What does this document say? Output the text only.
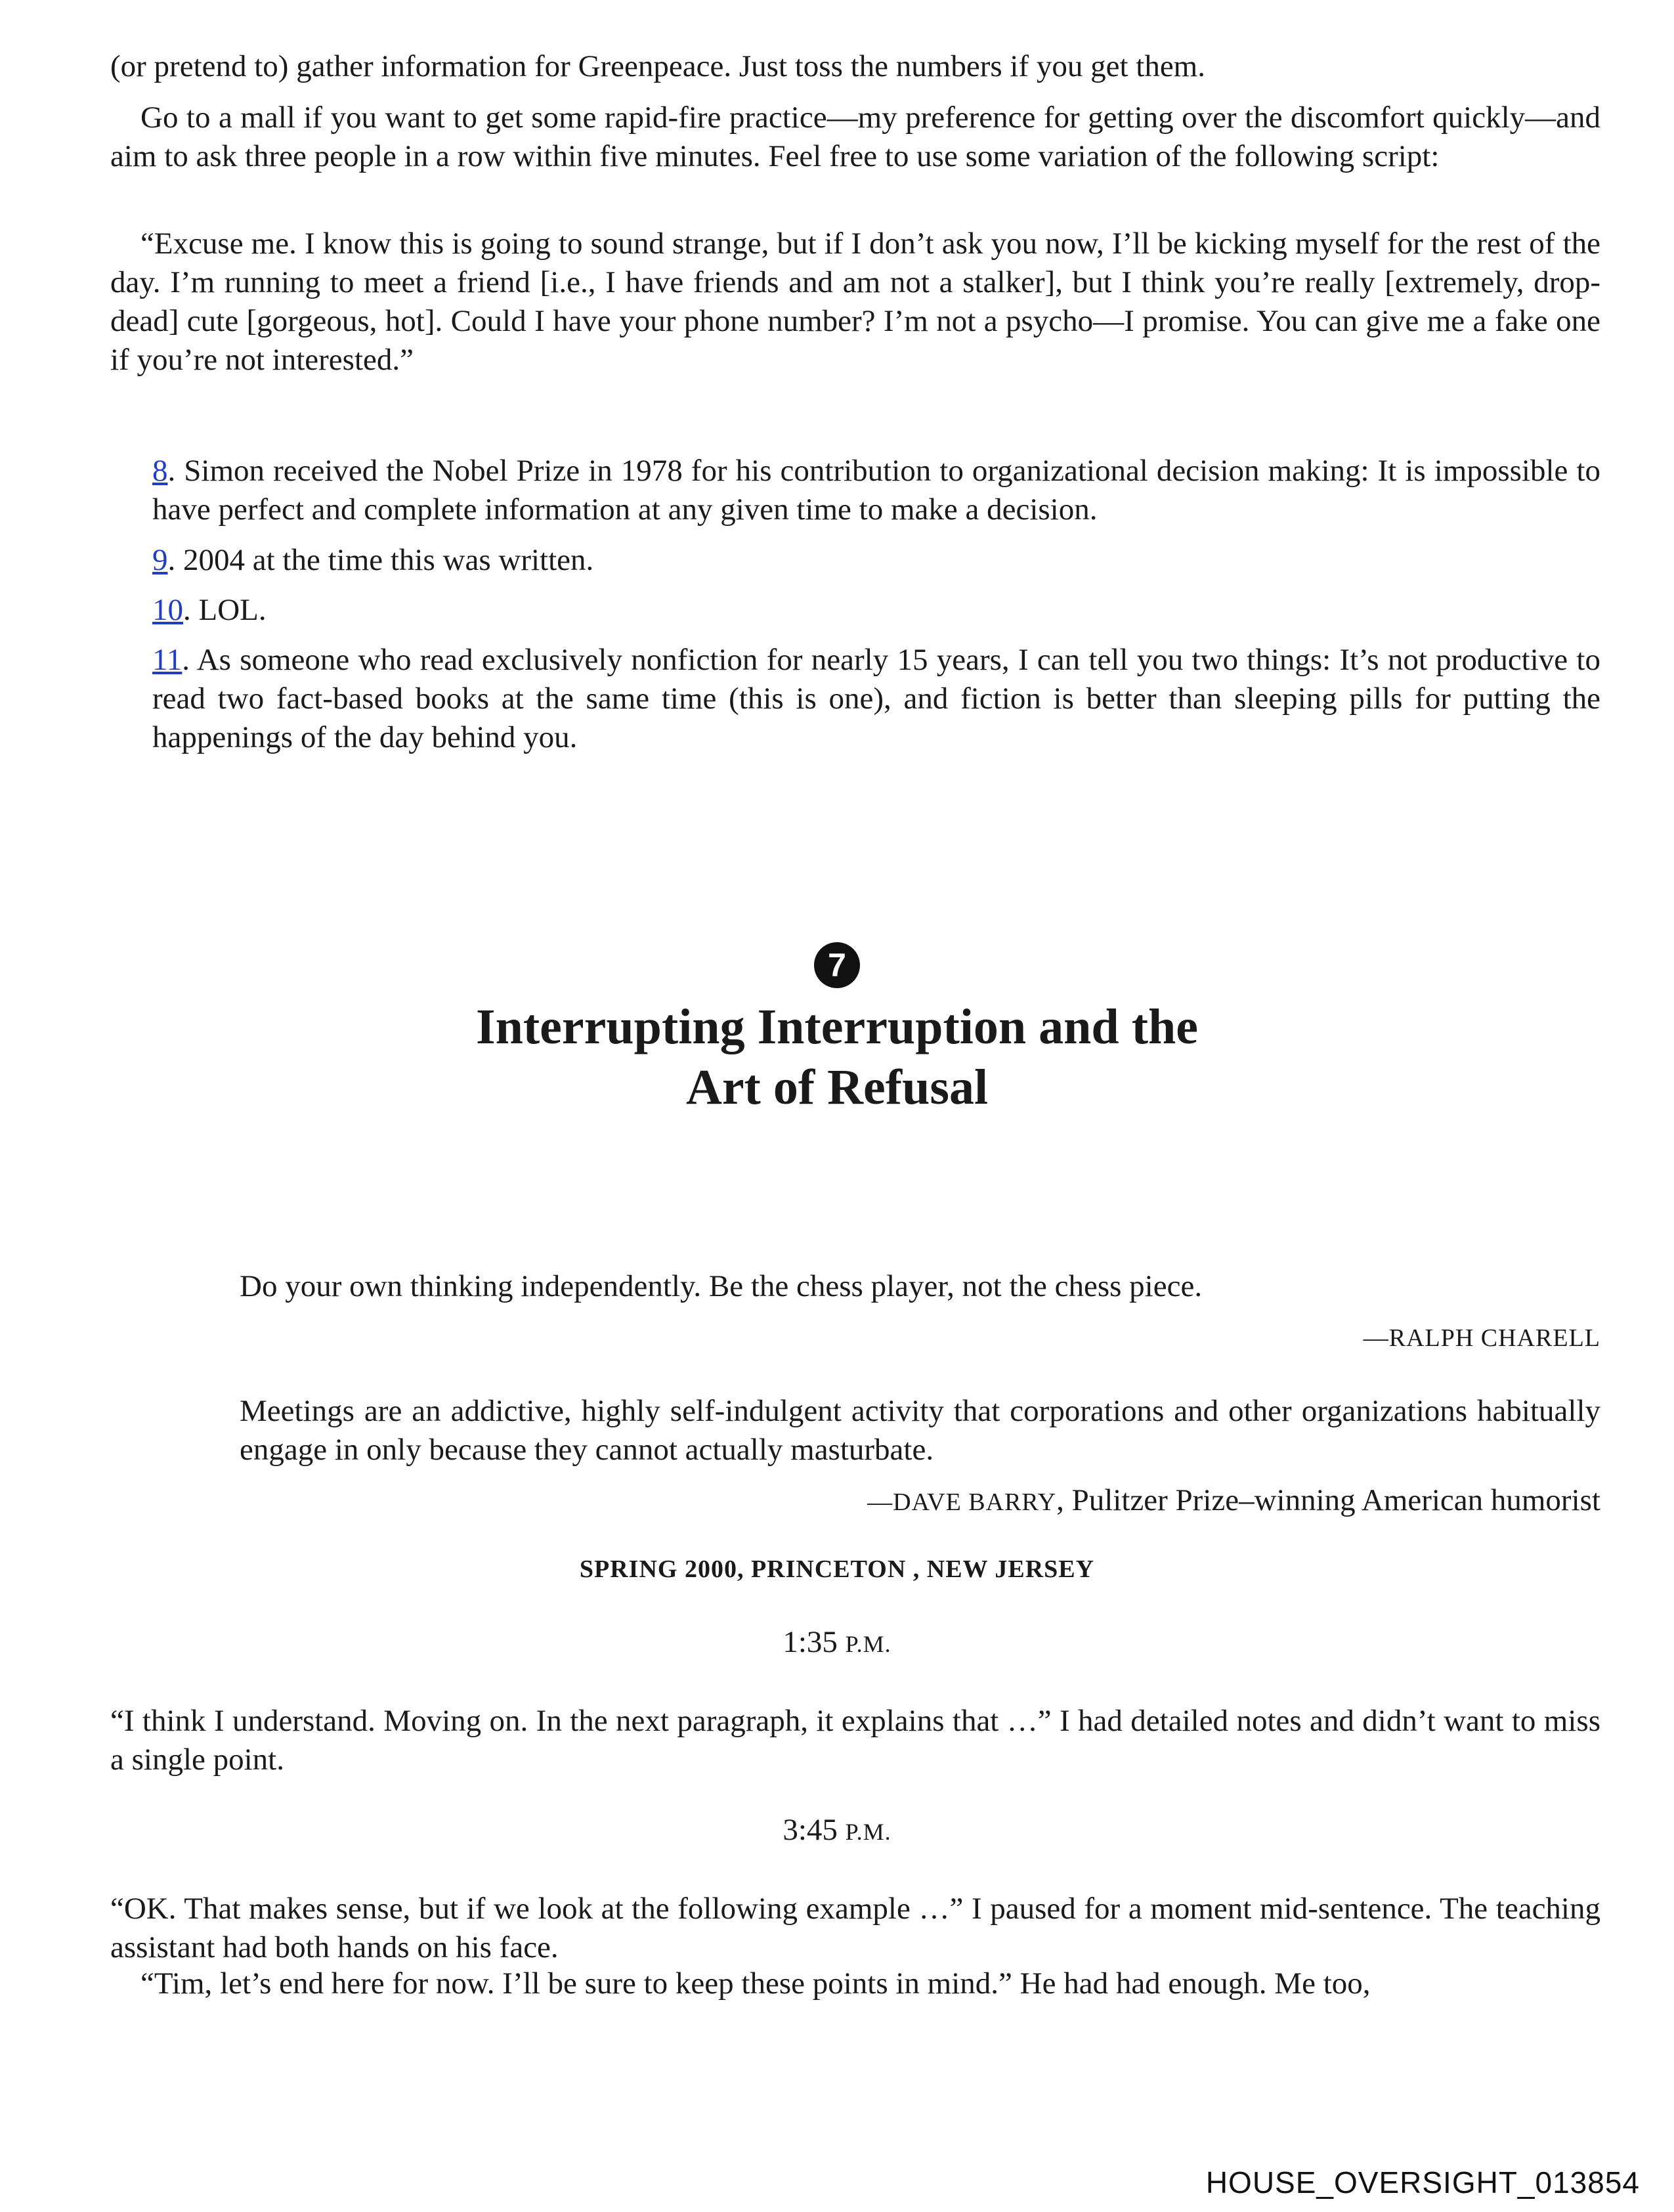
(or pretend to) gather information for Greenpeace. Just toss the numbers if you get them.

Go to a mall if you want to get some rapid-fire practice—my preference for getting over the discomfort quickly—and aim to ask three people in a row within five minutes. Feel free to use some variation of the following script:

“Excuse me. I know this is going to sound strange, but if I don’t ask you now, I’ll be kicking myself for the rest of the day. I’m running to meet a friend [i.e., I have friends and am not a stalker], but I think you’re really [extremely, drop-dead] cute [gorgeous, hot]. Could I have your phone number? I’m not a psycho—I promise. You can give me a fake one if you’re not interested.”

8. Simon received the Nobel Prize in 1978 for his contribution to organizational decision making: It is impossible to have perfect and complete information at any given time to make a decision.

9. 2004 at the time this was written.

10. LOL.

11. As someone who read exclusively nonfiction for nearly 15 years, I can tell you two things: It’s not productive to read two fact-based books at the same time (this is one), and fiction is better than sleeping pills for putting the happenings of the day behind you.

7
Interrupting Interruption and the
Art of Refusal

Do your own thinking independently. Be the chess player, not the chess piece.

—RALPH CHARELL

Meetings are an addictive, highly self-indulgent activity that corporations and other organizations habitually engage in only because they cannot actually masturbate.

—DAVE BARRY, Pulitzer Prize–winning American humorist

SPRING 2000, PRINCETON , NEW JERSEY
1:35 P.M.

“I think I understand. Moving on. In the next paragraph, it explains that …” I had detailed notes and didn’t want to miss a single point.

3:45 P.M.

“OK. That makes sense, but if we look at the following example …” I paused for a moment mid-sentence. The teaching assistant had both hands on his face.

“Tim, let’s end here for now. I’ll be sure to keep these points in mind.” He had had enough. Me too,

HOUSE_OVERSIGHT_013854
